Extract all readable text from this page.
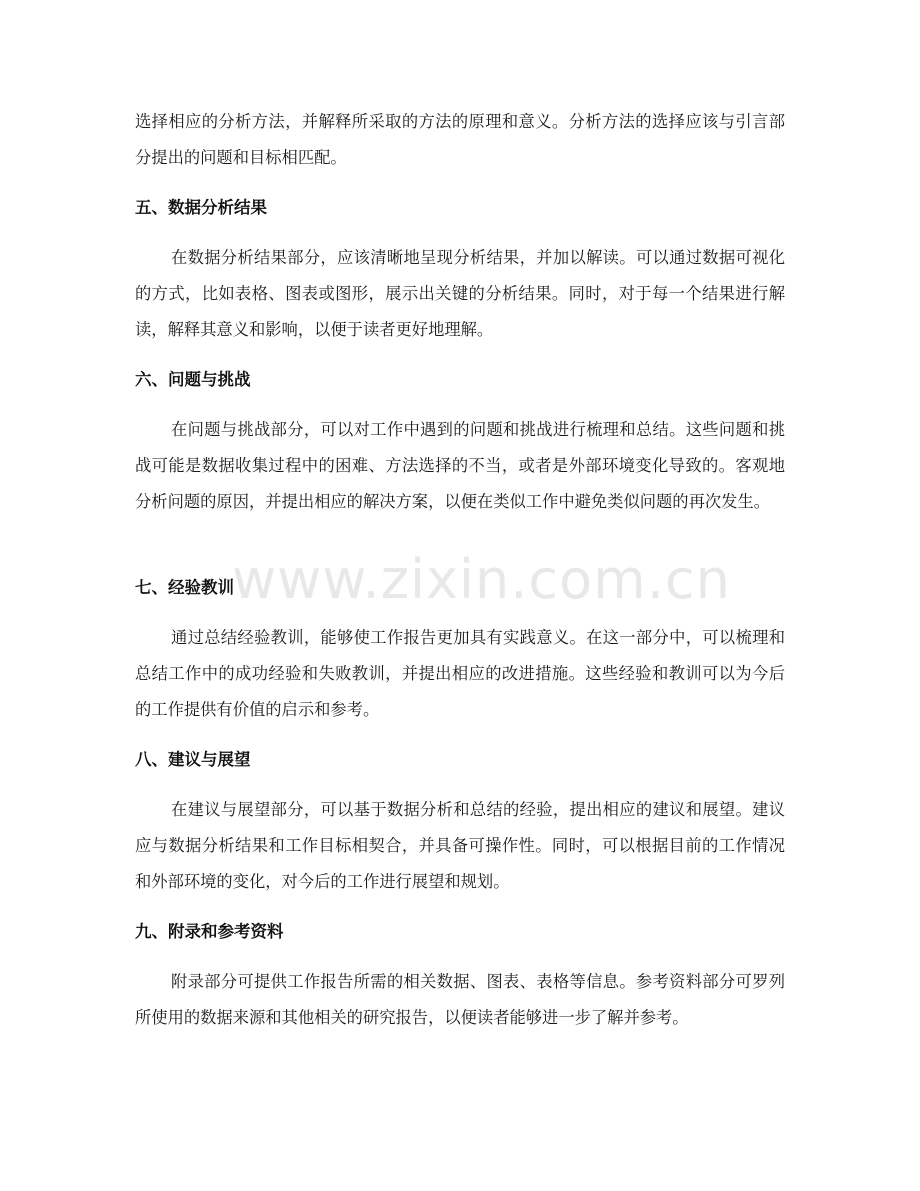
选择相应的分析方法，并解释所采取的方法的原理和意义。分析方法的选择应该与引言部分提出的问题和目标相匹配。

五、数据分析结果

在数据分析结果部分，应该清晰地呈现分析结果，并加以解读。可以通过数据可视化的方式，比如表格、图表或图形，展示出关键的分析结果。同时，对于每一个结果进行解读，解释其意义和影响，以便于读者更好地理解。

六、问题与挑战

在问题与挑战部分，可以对工作中遇到的问题和挑战进行梳理和总结。这些问题和挑战可能是数据收集过程中的困难、方法选择的不当，或者是外部环境变化导致的。客观地分析问题的原因，并提出相应的解决方案，以便在类似工作中避免类似问题的再次发生。

七、经验教训

通过总结经验教训，能够使工作报告更加具有实践意义。在这一部分中，可以梳理和总结工作中的成功经验和失败教训，并提出相应的改进措施。这些经验和教训可以为今后的工作提供有价值的启示和参考。

八、建议与展望

在建议与展望部分，可以基于数据分析和总结的经验，提出相应的建议和展望。建议应与数据分析结果和工作目标相契合，并具备可操作性。同时，可以根据目前的工作情况和外部环境的变化，对今后的工作进行展望和规划。

九、附录和参考资料

附录部分可提供工作报告所需的相关数据、图表、表格等信息。参考资料部分可罗列所使用的数据来源和其他相关的研究报告，以便读者能够进一步了解并参考。

www.zixin.com.cn
